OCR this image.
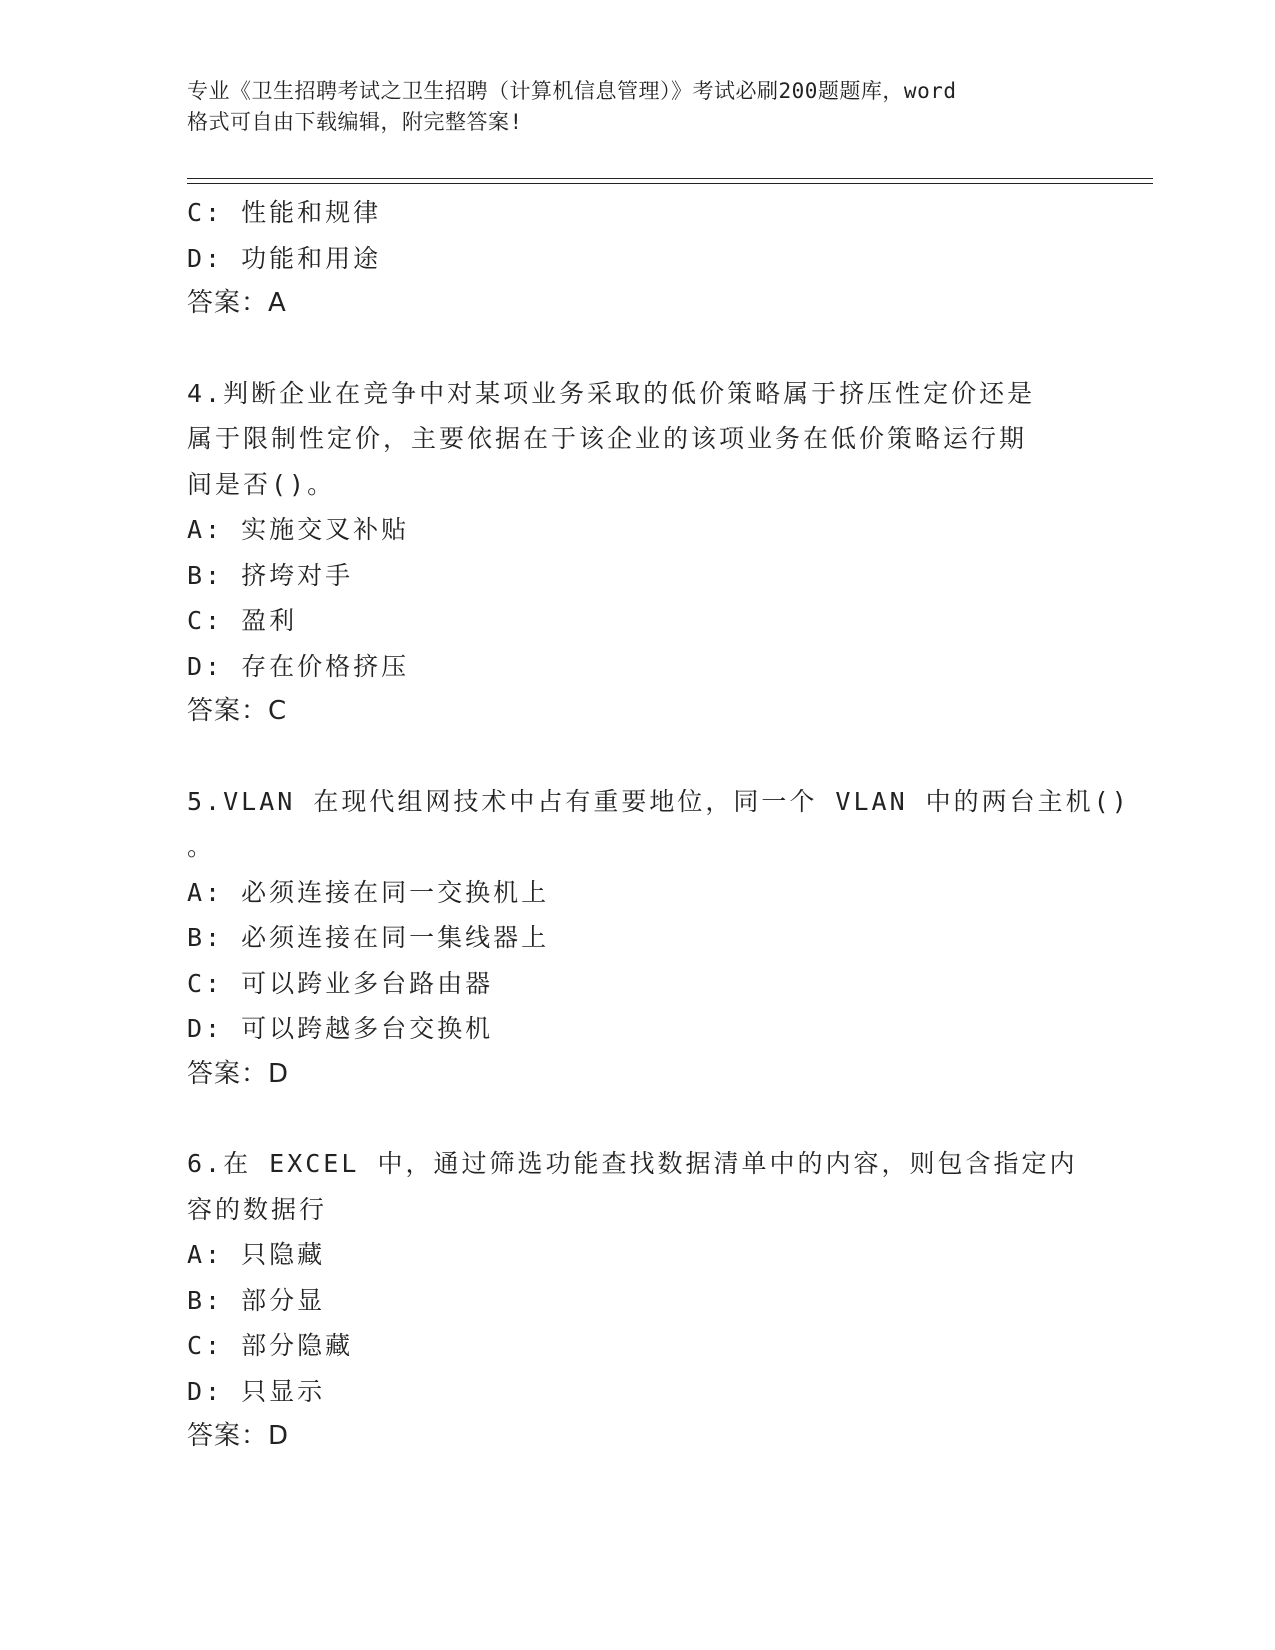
专业《卫生招聘考试之卫生招聘（计算机信息管理）》考试必刷200题题库，word
格式可自由下载编辑，附完整答案!
C: 性能和规律
D: 功能和用途
答案：A
4.判断企业在竞争中对某项业务采取的低价策略属于挤压性定价还是
属于限制性定价，主要依据在于该企业的该项业务在低价策略运行期
间是否()。
A: 实施交叉补贴
B: 挤垮对手
C: 盈利
D: 存在价格挤压
答案：C
5.VLAN 在现代组网技术中占有重要地位，同一个 VLAN 中的两台主机()
。
A: 必须连接在同一交换机上
B: 必须连接在同一集线器上
C: 可以跨业多台路由器
D: 可以跨越多台交换机
答案：D
6.在 EXCEL 中，通过筛选功能查找数据清单中的内容，则包含指定内
容的数据行
A: 只隐藏
B: 部分显
C: 部分隐藏
D: 只显示
答案：D
